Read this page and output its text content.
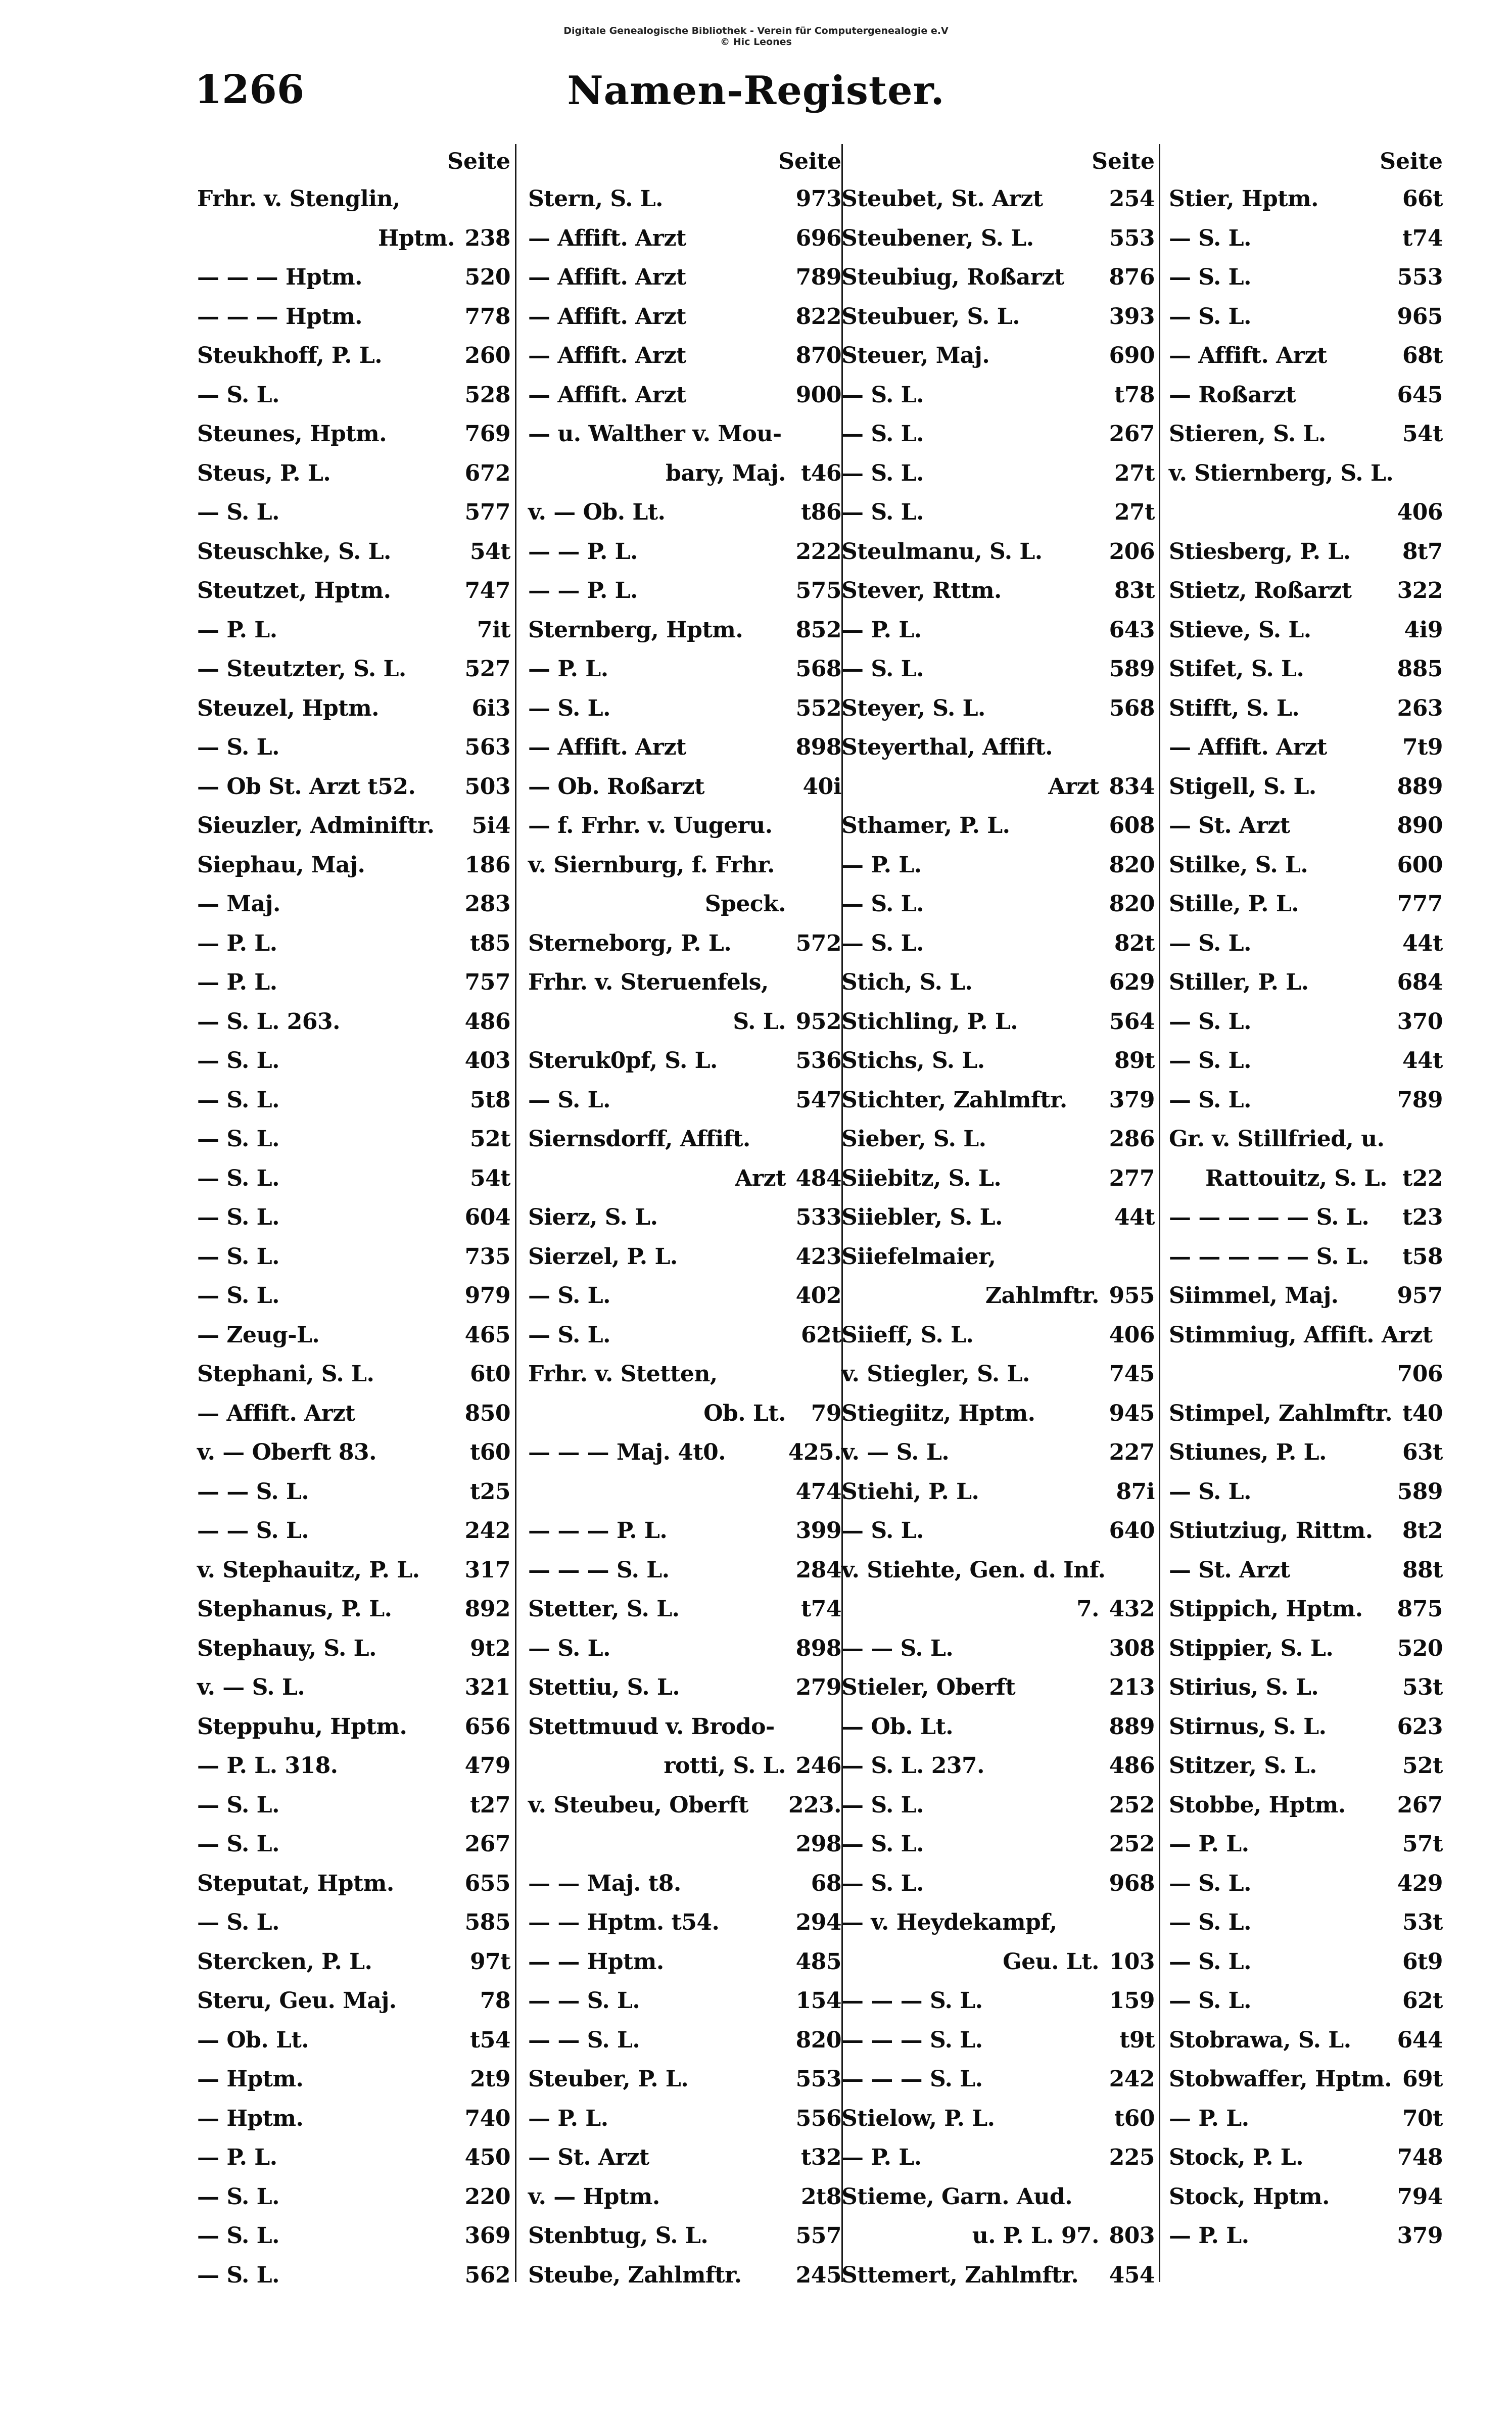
Digitale Genealogische Bibliothek - Verein für Computergenealogie e.V
© Hic Leones
1266	Namen-Register.
Seite
Frhr. v. Stenglin,
Hptm. 238
— — — Hptm.	520
— — — Hptm.	778
Steukhoff, P. L.	260
— S. L.	528
Steunes, Hptm.	769
Steus, P. L.	672
— S. L.	577
Steuschke, S. L.	54t
Steutzet, Hptm.	747
— P. L.	7it
— Steutzter, S. L.	527
Steuzel, Hptm.	6i3
— S. L.	563
— Ob St. Arzt t52. 503
Sieuzler, Adminiftr. 5i4
Siephau, Maj.	186
— Maj.	283
— P. L.	t85
— P. L.	757
— S. L. 263.	486
— S. L.	403
— S. L.	5t8
— S. L.	52t
— S. L.	54t
— S. L.	604
— S. L.	735
— S. L.	979
— Zeug-L.	465
Stephani, S. L.	6t0
— Affift. Arzt	850
v. — Oberft 83.	t60
— — S. L.	t25
— — S. L.	242
v. Stephauitz, P. L. 317
Stephanus, P. L.	892
Stephauy, S. L.	9t2
v. — S. L.	321
Steppuhu, Hptm.	656
— P. L. 318.	479
— S. L.	t27
— S. L.	267
Steputat, Hptm.	655
— S. L.	585
Stercken, P. L.	97t
Steru, Geu. Maj.	78
— Ob. Lt.	t54
— Hptm.	2t9
— Hptm.	740
— P. L.	450
— S. L.	220
— S. L.	369
— S. L.	562
Seite
Stern, S. L.	973
— Affift. Arzt	696
— Affift. Arzt	789
— Affift. Arzt	822
— Affift. Arzt	870
— Affift. Arzt	900
— u. Walther v. Mou-
bary, Maj. t46
v. — Ob. Lt.	t86
— — P. L.	222
— — P. L.	575
Sternberg, Hptm. 852
— P. L.	568
— S. L.	552
— Affift. Arzt	898
— Ob. Roßarzt	40i
— f. Frhr. v. Uugeru.
v. Siernburg, f. Frhr.
Speck.
Sterneborg, P. L.	572
Frhr. v. Steruenfels,
S. L. 952
Steruk0pf, S. L.	536
— S. L.	547
Siernsdorff, Affift.
Arzt 484
Sierz, S. L.	533
Sierzel, P. L.	423
— S. L.	402
— S. L.	62t
Frhr. v. Stetten,
Ob. Lt. 79
— — — Maj. 4t0.	425.
474
— — — P. L.	399
— — — S. L.	284
Stetter, S. L.	t74
— S. L.	898
Stettiu, S. L.	279
Stettmuud v. Brodo-
rotti, S. L. 246
v. Steubeu, Oberft 223.
298
— — Maj. t8.	68
— — Hptm. t54.	294
— — Hptm.	485
— — S. L.	154
— — S. L.	820
Steuber, P. L.	553
— P. L.	556
— St. Arzt	t32
v. — Hptm.	2t8
Stenbtug, S. L.	557
Steube, Zahlmftr. 245
Seite
Steubet, St. Arzt	254
Steubener, S. L.	553
Steubiug, Roßarzt 876
Steubuer, S. L.	393
Steuer, Maj.	690
— S. L.	t78
— S. L.	267
— S. L.	27t
— S. L.	27t
Steulmanu, S. L.	206
Stever, Rttm.	83t
— P. L.	643
— S. L.	589
Steyer, S. L.	568
Steyerthal, Affift.
Arzt 834
Sthamer, P. L.	608
— P. L.	820
— S. L.	820
— S. L.	82t
Stich, S. L.	629
Stichling, P. L.	564
Stichs, S. L.	89t
Stichter, Zahlmftr. 379
Sieber, S. L.	286
Siiebitz, S. L.	277
Siiebler, S. L.	44t
Siiefelmaier,
Zahlmftr. 955
Siieff, S. L.	406
v. Stiegler, S. L.	745
Stiegiitz, Hptm.	945
v. — S. L.	227
Stiehi, P. L.	87i
— S. L.	640
v. Stiehte, Gen. d. Inf.
7. 432
— — S. L.	308
Stieler, Oberft	213
— Ob. Lt.	889
— S. L. 237.	486
— S. L.	252
— S. L.	252
— S. L.	968
— v. Heydekampf,
Geu. Lt. 103
— — — S. L.	159
— — — S. L.	t9t
— — — S. L.	242
Stielow, P. L.	t60
— P. L.	225
Stieme, Garn. Aud.
u. P. L. 97. 803
Sttemert, Zahlmftr. 454
Seite
Stier, Hptm.	66t
— S. L.	t74
— S. L.	553
— S. L.	965
— Affift. Arzt	68t
— Roßarzt	645
Stieren, S. L.	54t
v. Stiernberg, S. L.
406
Stiesberg, P. L. 8t7
Stietz, Roßarzt 322
Stieve, S. L.	4i9
Stifet, S. L.	885
Stifft, S. L.	263
— Affift. Arzt	7t9
Stigell, S. L.	889
— St. Arzt	890
Stilke, S. L.	600
Stille, P. L.	777
— S. L.	44t
Stiller, P. L.	684
— S. L.	370
— S. L.	44t
— S. L.	789
Gr. v. Stillfried, u.
Rattouitz, S. L. t22
— — — — — S. L. t23
— — — — — S. L. t58
Siimmel, Maj.	957
Stimmiug, Affift. Arzt
706
Stimpel, Zahlmftr. t40
Stiunes, P. L.	63t
— S. L.	589
Stiutziug, Rittm. 8t2
— St. Arzt	88t
Stippich, Hptm. 875
Stippier, S. L.	520
Stirius, S. L.	53t
Stirnus, S. L.	623
Stitzer, S. L.	52t
Stobbe, Hptm. 267
— P. L.	57t
— S. L.	429
— S. L.	53t
— S. L.	6t9
— S. L.	62t
Stobrawa, S. L. 644
Stobwaffer, Hptm. 69t
— P. L.	70t
Stock, P. L.	748
Stock, Hptm.	794
— P. L.	379
